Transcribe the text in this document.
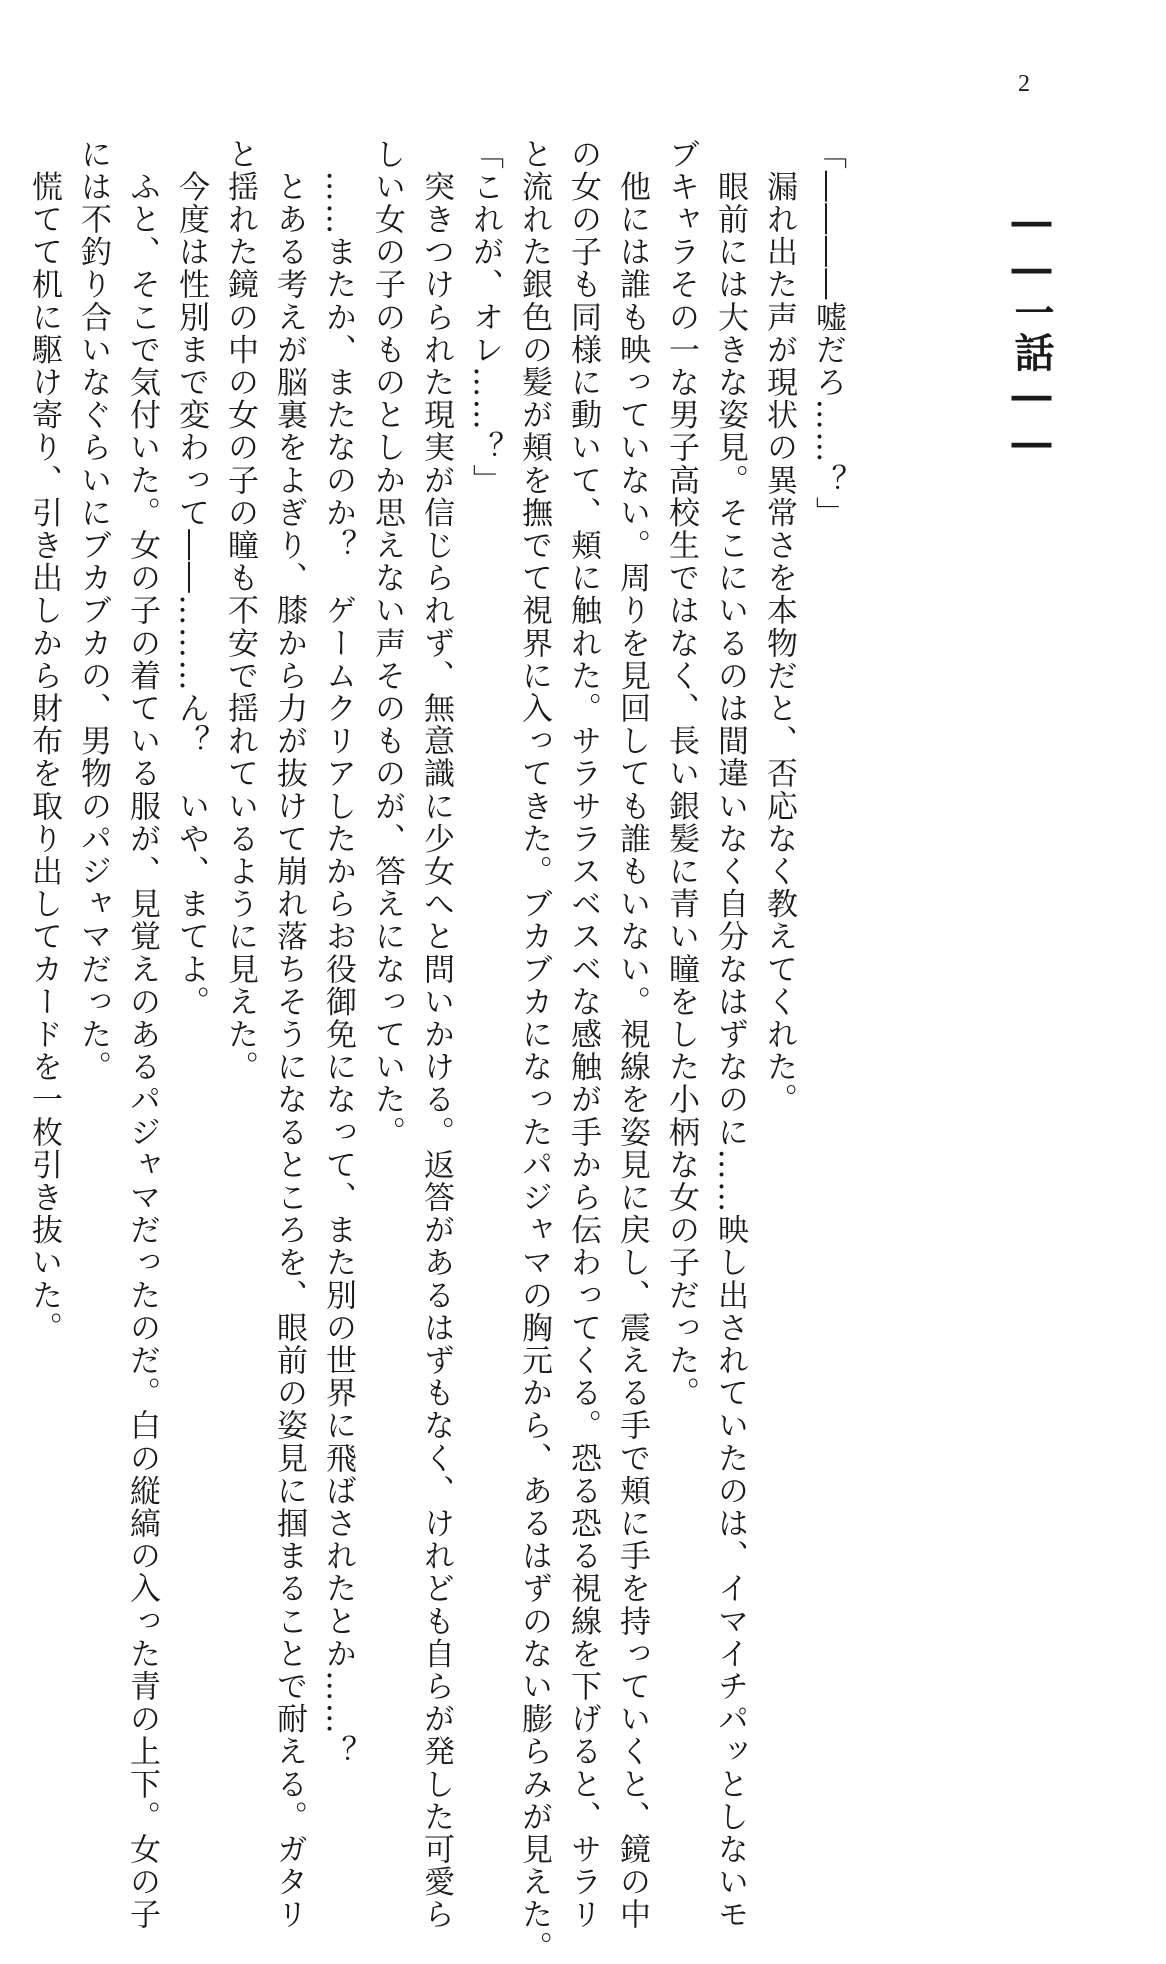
2
――一話――

「――――嘘だろ……？」

　漏れ出た声が現状の異常さを本物だと、否応なく教えてくれた。

　眼前には大きな姿見。そこにいるのは間違いなく自分なはずなのに……映し出されていたのは、イマイチパッとしないモ

ブキャラその一な男子高校生ではなく、長い銀髪に青い瞳をした小柄な女の子だった。

　他には誰も映っていない。周りを見回しても誰もいない。視線を姿見に戻し、震える手で頬に手を持っていくと、鏡の中

の女の子も同様に動いて、頬に触れた。サラサラスベスベな感触が手から伝わってくる。恐る恐る視線を下げると、サラリ

と流れた銀色の髪が頬を撫でて視界に入ってきた。ブカブカになったパジャマの胸元から、あるはずのない膨らみが見えた。

「これが、オレ……？」

　突きつけられた現実が信じられず、無意識に少女へと問いかける。返答があるはずもなく、けれども自らが発した可愛ら

しい女の子のものとしか思えない声そのものが、答えになっていた。

　……またか、またなのか？　ゲームクリアしたからお役御免になって、また別の世界に飛ばされたとか……？

　とある考えが脳裏をよぎり、膝から力が抜けて崩れ落ちそうになるところを、眼前の姿見に掴まることで耐える。ガタリ

と揺れた鏡の中の女の子の瞳も不安で揺れているように見えた。

　今度は性別まで変わって――………ん？　いや、まてよ。

　ふと、そこで気付いた。女の子の着ている服が、見覚えのあるパジャマだったのだ。白の縦縞の入った青の上下。女の子

には不釣り合いなぐらいにブカブカの、男物のパジャマだった。

　慌てて机に駆け寄り、引き出しから財布を取り出してカードを一枚引き抜いた。
